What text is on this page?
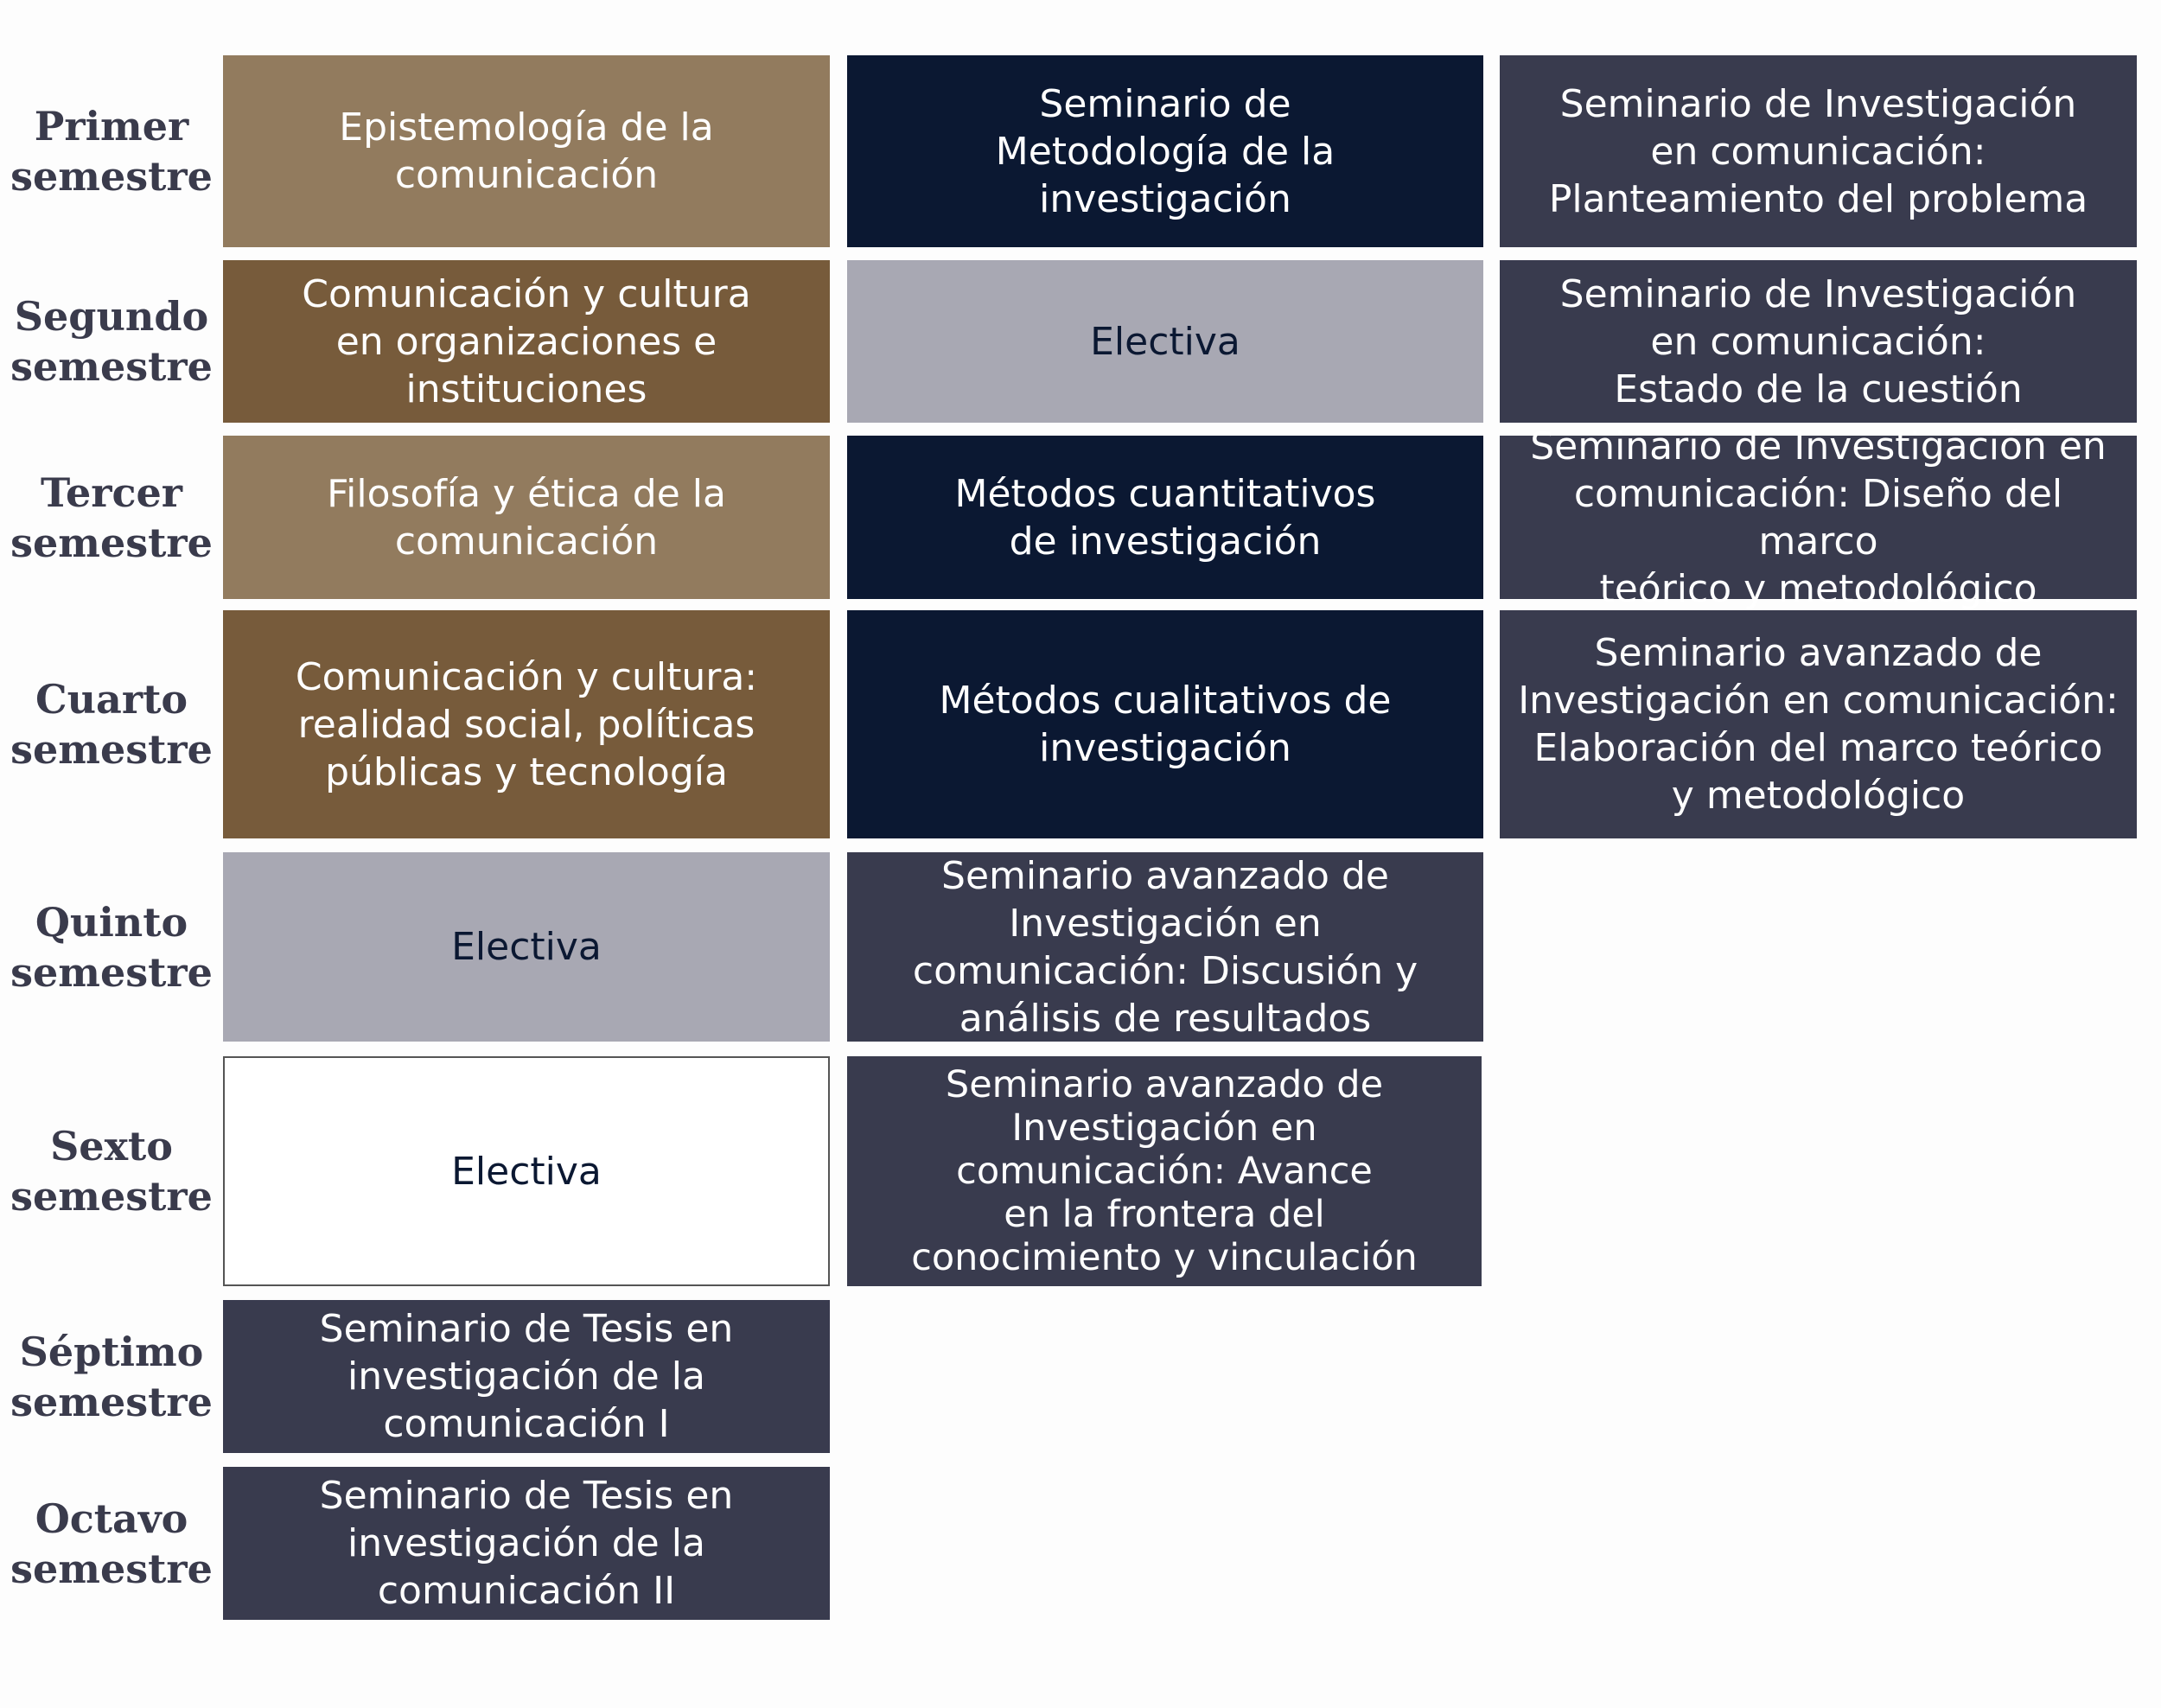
Primer
semestre
Segundo
semestre
Tercer
semestre
Cuarto
semestre
Quinto
semestre
Sexto
semestre
Séptimo
semestre
Octavo
semestre
Epistemología de la
comunicación
Seminario de
Metodología de la
investigación
Seminario de Investigación
en comunicación:
Planteamiento del problema
Comunicación y cultura
en organizaciones e
instituciones
Electiva
Seminario de Investigación
en comunicación:
Estado de la cuestión
Filosofía y ética de la
comunicación
Métodos cuantitativos
de investigación
Seminario de Investigación en
comunicación: Diseño del marco
teórico y metodológico
Comunicación y cultura:
realidad social, políticas
públicas y tecnología
Métodos cualitativos de
investigación
Seminario avanzado de
Investigación en comunicación:
Elaboración del marco teórico
y metodológico
Electiva
Seminario avanzado de
Investigación en
comunicación: Discusión y
análisis de resultados
Electiva
Seminario avanzado de
Investigación en
comunicación: Avance
en la frontera del
conocimiento y vinculación
Seminario de Tesis en
investigación de la
comunicación I
Seminario de Tesis en
investigación de la
comunicación II
